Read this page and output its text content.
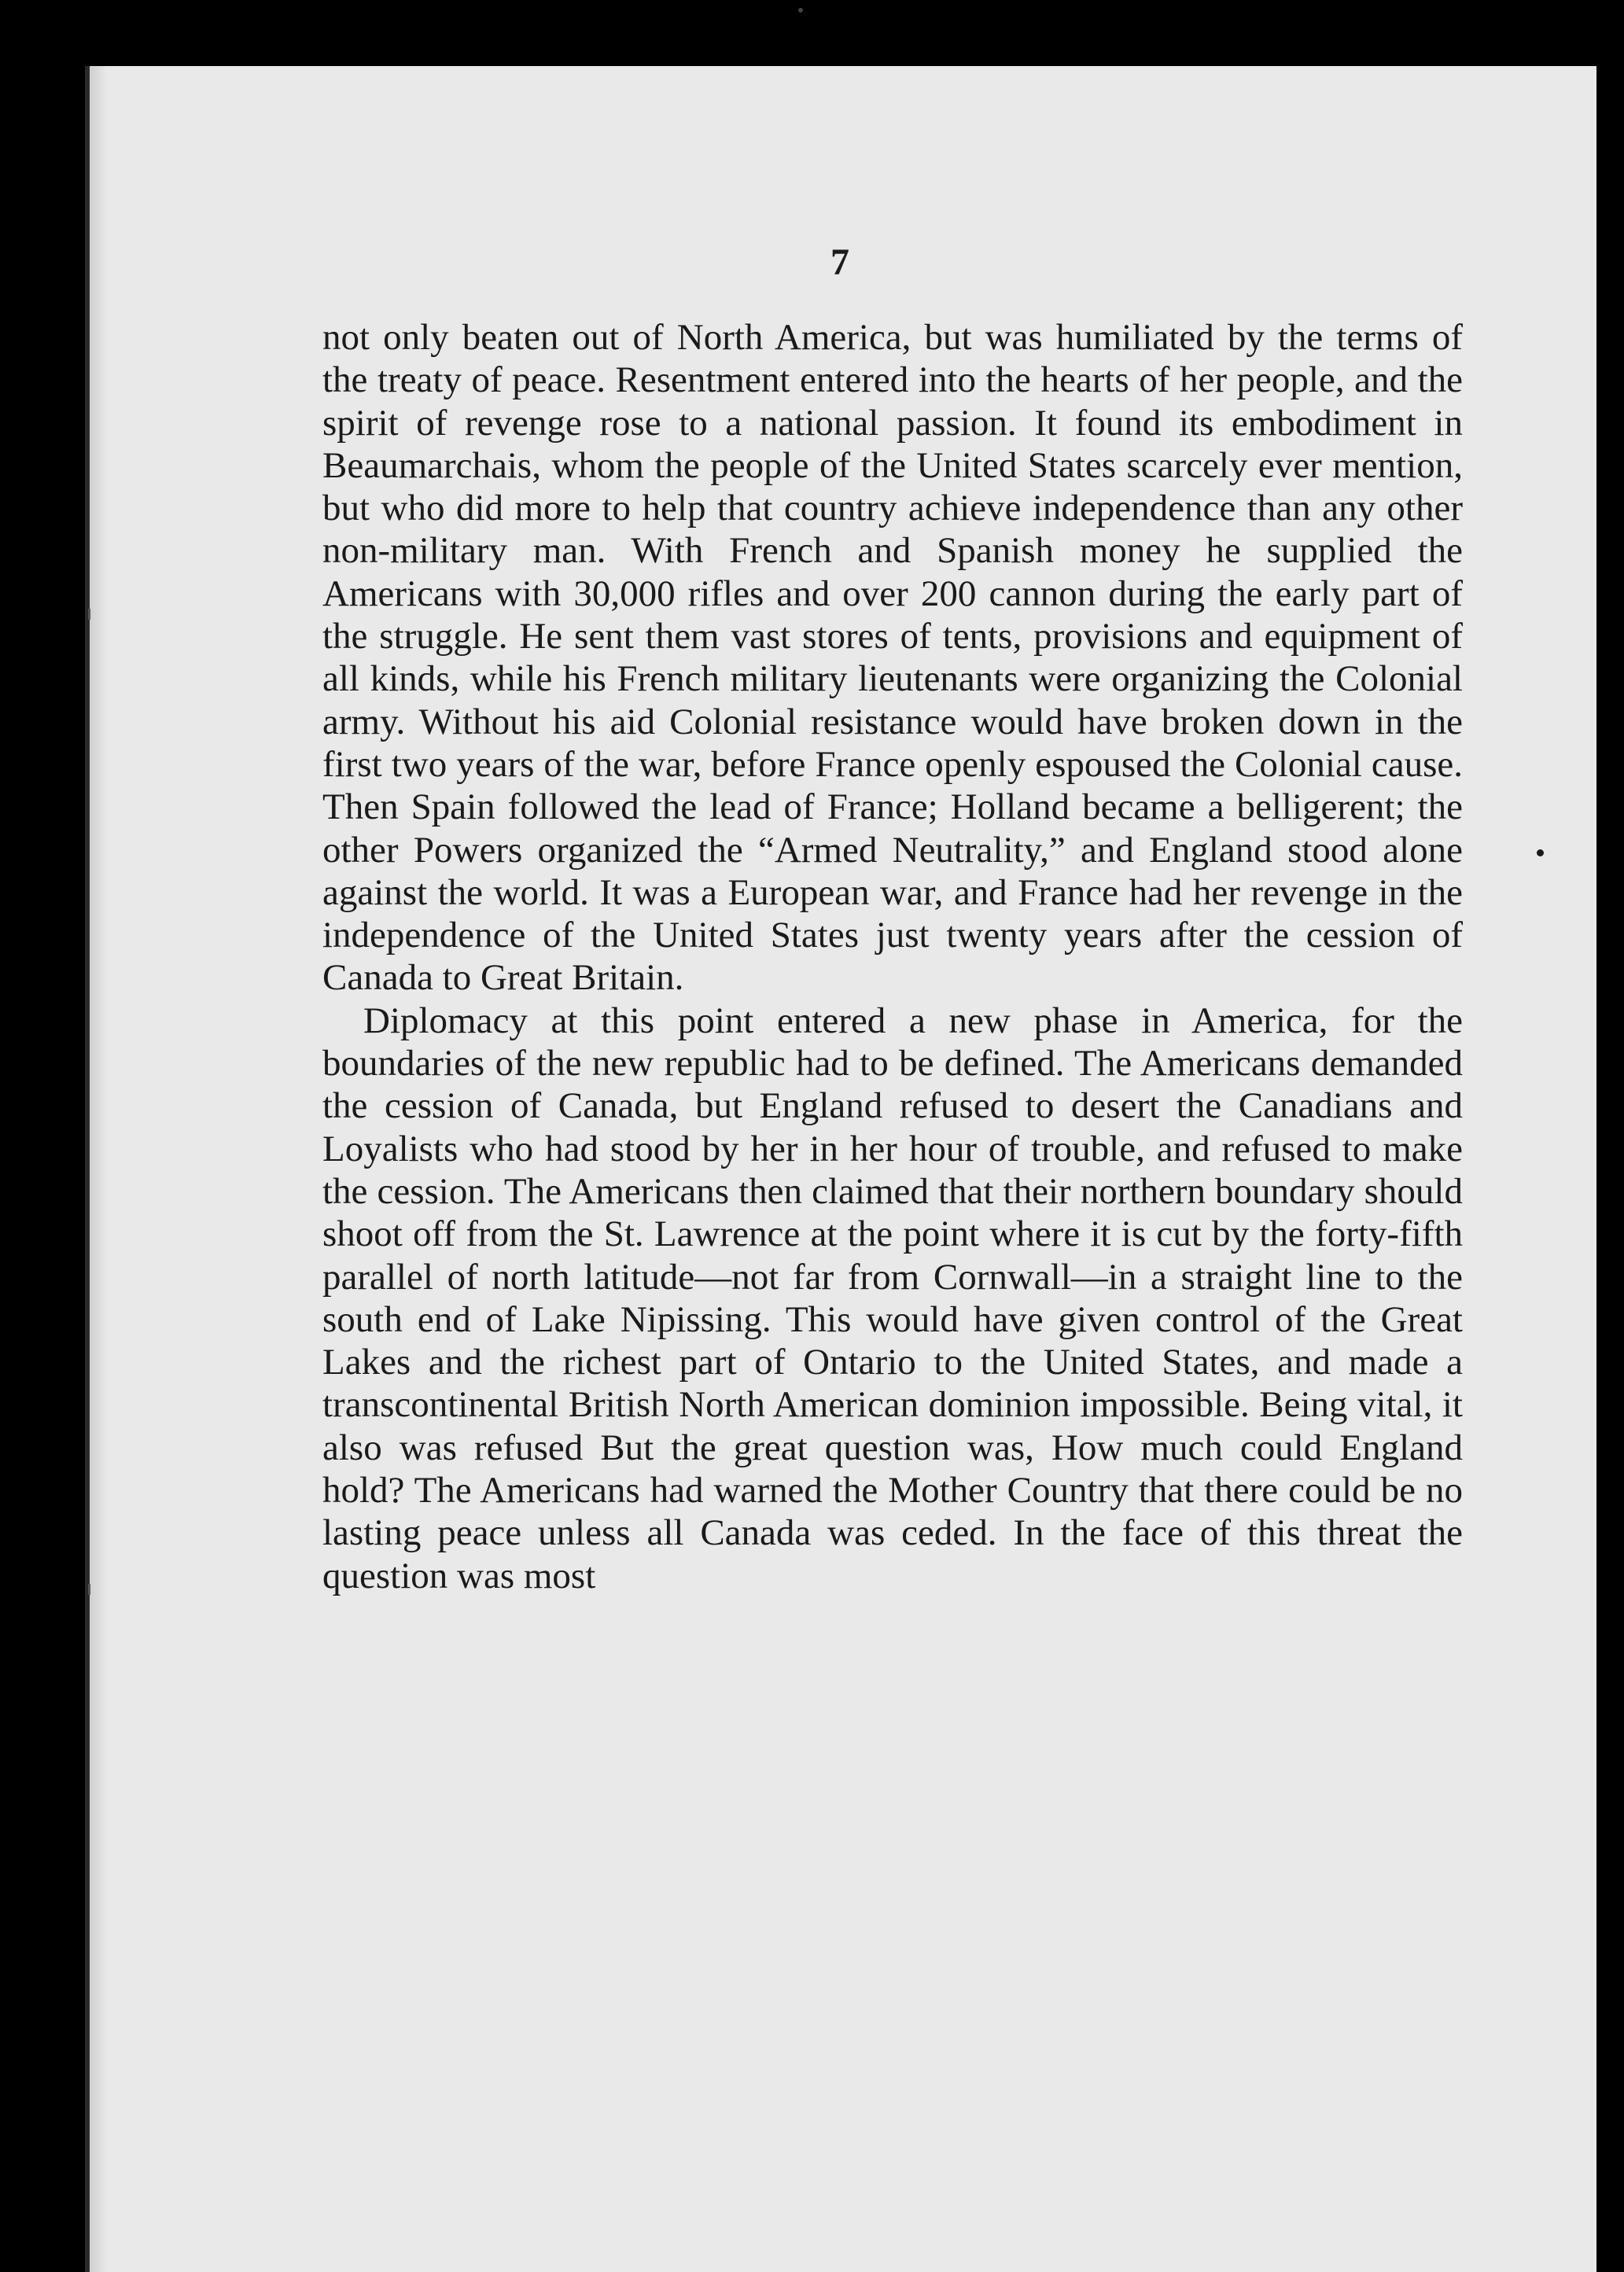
7

not only beaten out of North America, but was humiliated by the terms of the treaty of peace. Resentment entered into the hearts of her people, and the spirit of revenge rose to a national passion. It found its embodiment in Beaumarchais, whom the people of the United States scarcely ever mention, but who did more to help that country achieve independence than any other non-military man. With French and Spanish money he supplied the Americans with 30,000 rifles and over 200 cannon during the early part of the struggle. He sent them vast stores of tents, provisions and equipment of all kinds, while his French military lieutenants were organizing the Colonial army. Without his aid Colonial resistance would have broken down in the first two years of the war, before France openly espoused the Colonial cause. Then Spain followed the lead of France; Holland became a belligerent; the other Powers organized the “Armed Neutrality,” and England stood alone against the world. It was a European war, and France had her revenge in the independence of the United States just twenty years after the cession of Canada to Great Britain.

Diplomacy at this point entered a new phase in America, for the boundaries of the new republic had to be defined. The Americans demanded the cession of Canada, but England refused to desert the Canadians and Loyalists who had stood by her in her hour of trouble, and refused to make the cession. The Americans then claimed that their northern boundary should shoot off from the St. Lawrence at the point where it is cut by the forty-fifth parallel of north latitude—not far from Cornwall—in a straight line to the south end of Lake Nipissing. This would have given control of the Great Lakes and the richest part of Ontario to the United States, and made a transcontinental British North American dominion impossible. Being vital, it also was refused But the great question was, How much could England hold? The Americans had warned the Mother Country that there could be no lasting peace unless all Canada was ceded. In the face of this threat the question was most
